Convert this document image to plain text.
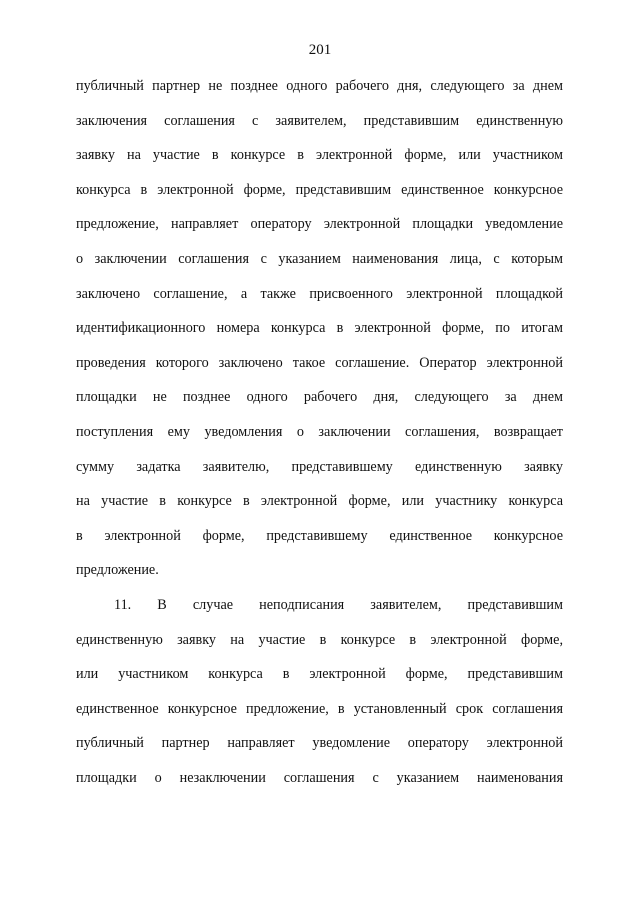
201
публичный партнер не позднее одного рабочего дня, следующего за днем
заключения соглашения с заявителем, представившим единственную
заявку на участие в конкурсе в электронной форме, или участником
конкурса в электронной форме, представившим единственное конкурсное
предложение, направляет оператору электронной площадки уведомление
о заключении соглашения с указанием наименования лица, с которым
заключено соглашение, а также присвоенного электронной площадкой
идентификационного номера конкурса в электронной форме, по итогам
проведения которого заключено такое соглашение. Оператор электронной
площадки не позднее одного рабочего дня, следующего за днем
поступления ему уведомления о заключении соглашения, возвращает
сумму задатка заявителю, представившему единственную заявку
на участие в конкурсе в электронной форме, или участнику конкурса
в электронной форме, представившему единственное конкурсное
предложение.
11. В случае неподписания заявителем, представившим
единственную заявку на участие в конкурсе в электронной форме,
или участником конкурса в электронной форме, представившим
единственное конкурсное предложение, в установленный срок соглашения
публичный партнер направляет уведомление оператору электронной
площадки о незаключении соглашения с указанием наименования
